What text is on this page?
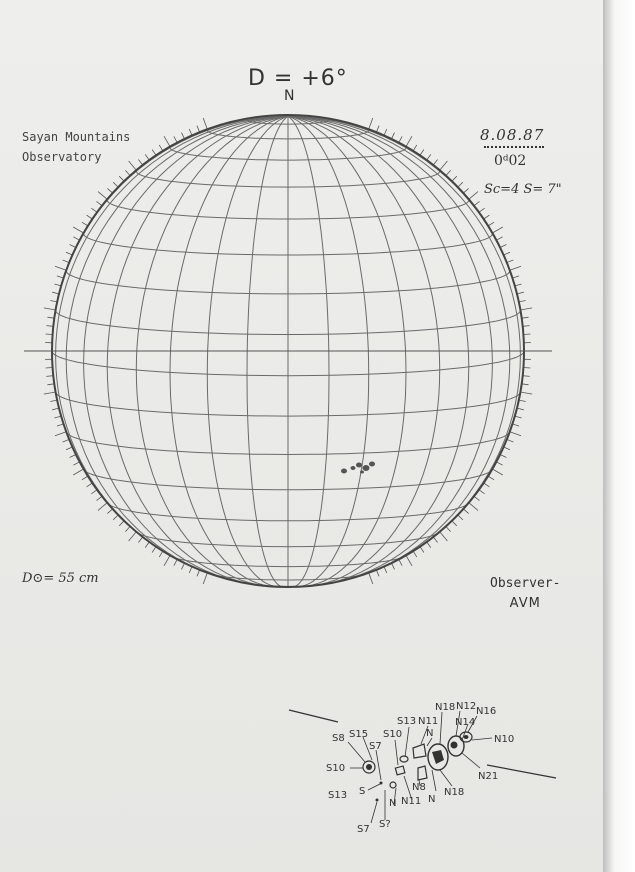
S8 S15
S7
S10
S13 N11
N
N18 N12
N14
N16
N10
S10
S13 S
N N11
N8
N
N18
N21
S7 S?
D = +6°
N
Sayan Mountains
Observatory
8.08.87
0ᵈ02
Sc=4 S= 7"
D⊙= 55 cm	Observer-
AVM
